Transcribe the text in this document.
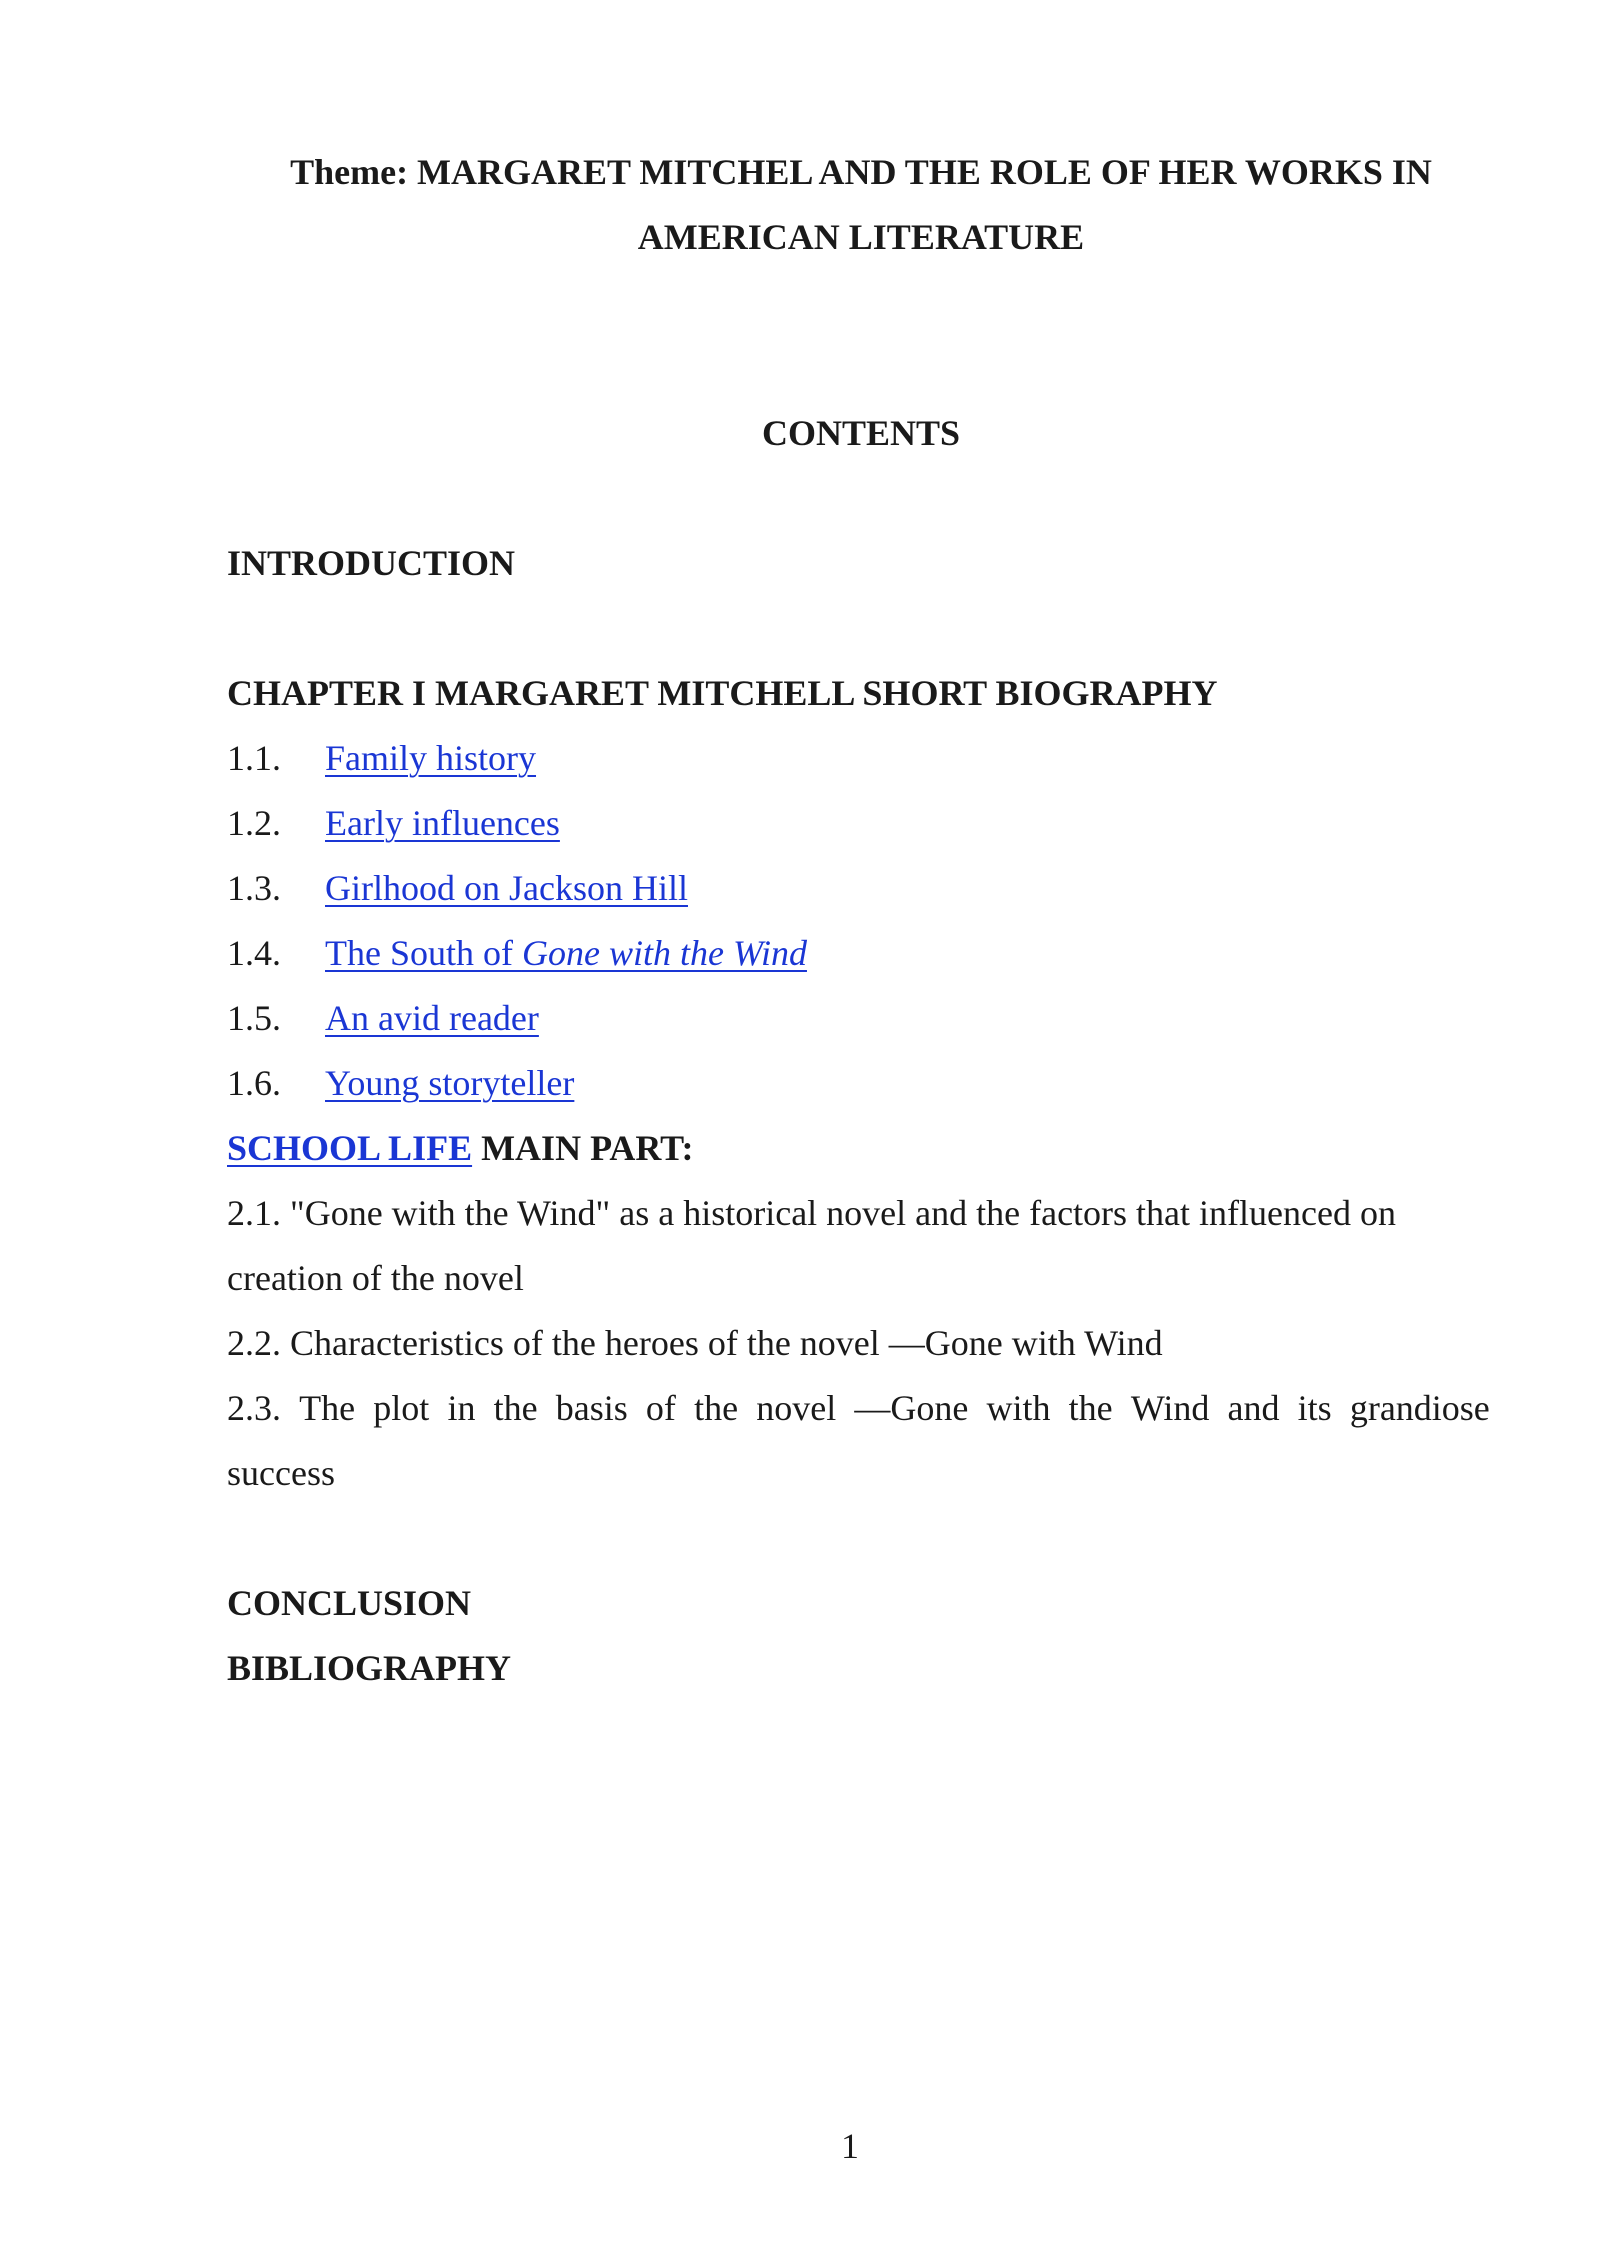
Theme: MARGARET MITCHEL AND THE ROLE OF HER WORKS IN
AMERICAN LITERATURE
CONTENTS
INTRODUCTION
CHAPTER I MARGARET MITCHELL SHORT BIOGRAPHY
1.1. Family history
1.2. Early influences
1.3. Girlhood on Jackson Hill
1.4. The South of Gone with the Wind
1.5. An avid reader
1.6. Young storyteller
SCHOOL LIFE MAIN PART:
2.1. "Gone with the Wind" as a historical novel and the factors that influenced on
creation of the novel
2.2. Characteristics of the heroes of the novel —Gone with Wind
2.3. The plot in the basis of the novel —Gone with the Wind and its grandiose
success
CONCLUSION
BIBLIOGRAPHY
1
